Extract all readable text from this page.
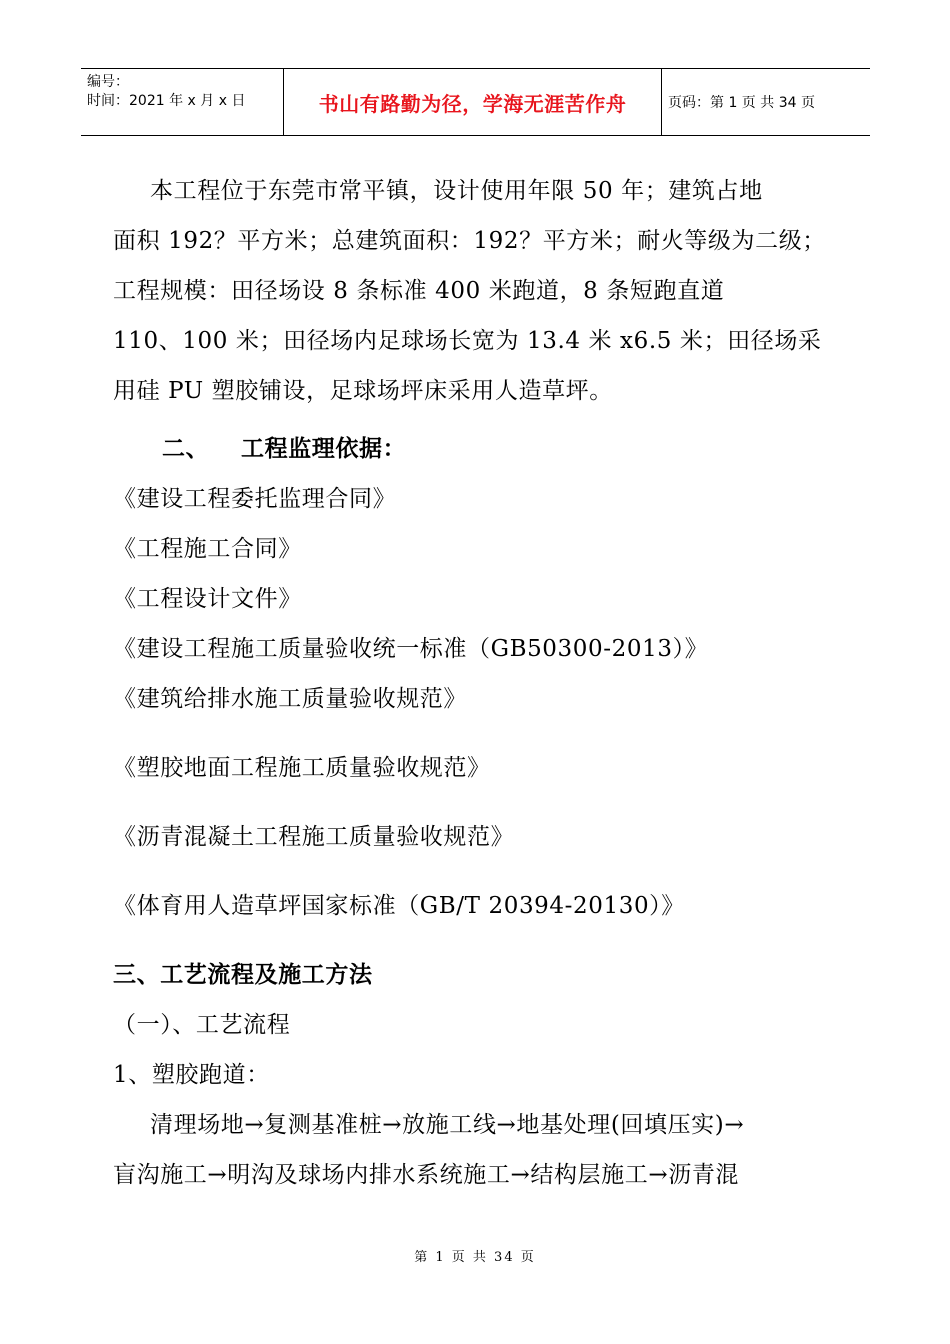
编号：
时间：2021 年 x 月 x 日	书山有路勤为径，学海无涯苦作舟	页码：第 1 页 共 34 页
本工程位于东莞市常平镇，设计使用年限 50 年；建筑占地
面积 192？平方米；总建筑面积：192？平方米；耐火等级为二级；
工程规模：田径场设 8 条标准 400 米跑道，8 条短跑直道
110、100 米；田径场内足球场长宽为 13.4 米 x6.5 米；田径场采
用硅 PU 塑胶铺设，足球场坪床采用人造草坪。
二、 工程监理依据：
《建设工程委托监理合同》
《工程施工合同》
《工程设计文件》
《建设工程施工质量验收统一标准（GB50300-2013）》
《建筑给排水施工质量验收规范》
《塑胶地面工程施工质量验收规范》
《沥青混凝土工程施工质量验收规范》
《体育用人造草坪国家标准（GB/T 20394-20130）》
三、工艺流程及施工方法
（一）、工艺流程
1、塑胶跑道：
清理场地→复测基准桩→放施工线→地基处理(回填压实)→
盲沟施工→明沟及球场内排水系统施工→结构层施工→沥青混
第 1 页 共 34 页
